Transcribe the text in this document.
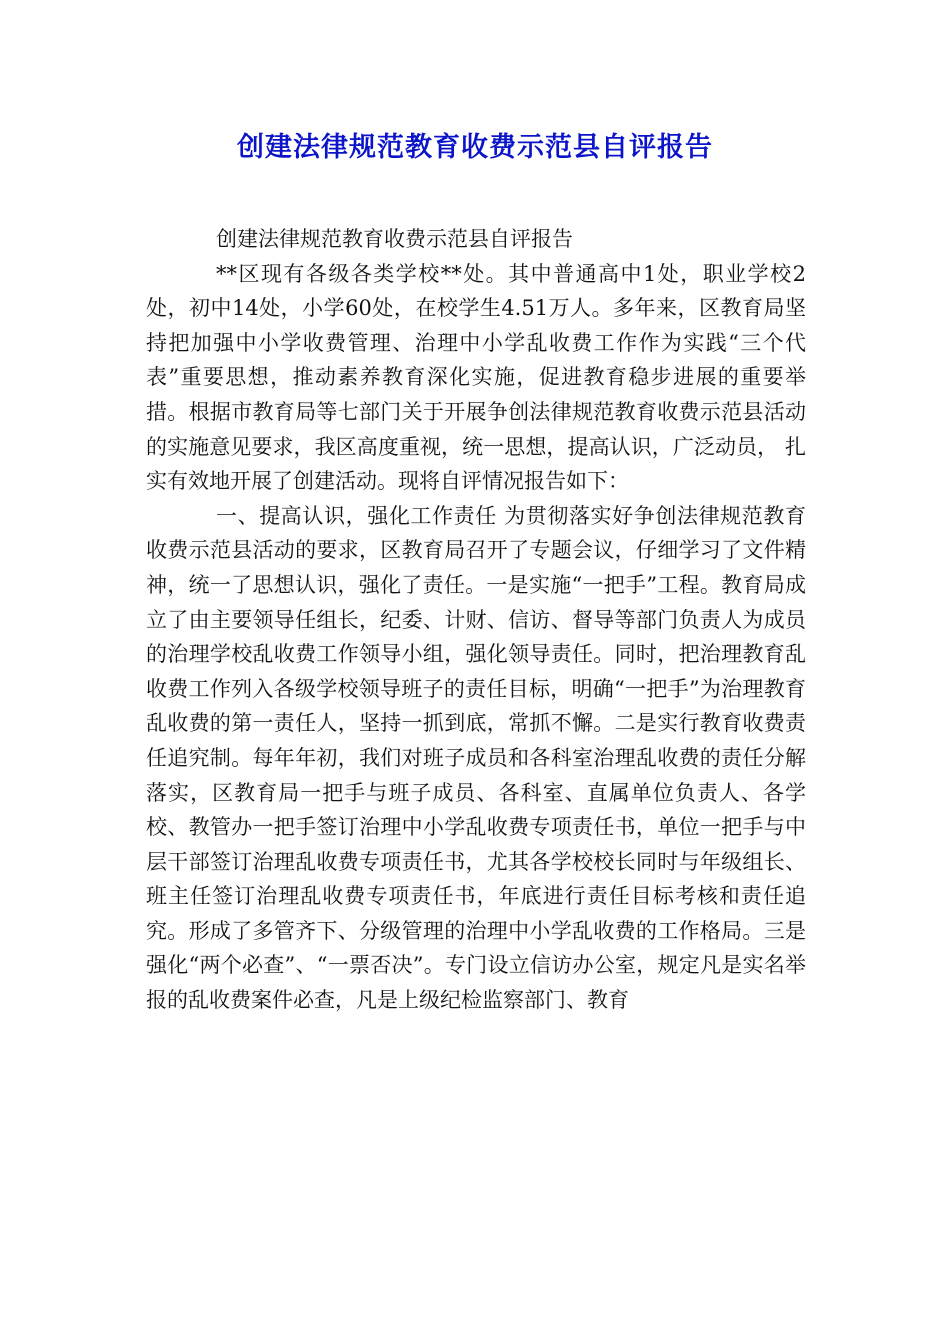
创建法律规范教育收费示范县自评报告

创建法律规范教育收费示范县自评报告

**区现有各级各类学校**处。其中普通高中1处，职业学校2处，初中14处，小学60处，在校学生4.51万人。多年来，区教育局坚持把加强中小学收费管理、治理中小学乱收费工作作为实践“三个代表”重要思想，推动素养教育深化实施，促进教育稳步进展的重要举措。根据市教育局等七部门关于开展争创法律规范教育收费示范县活动的实施意见要求，我区高度重视，统一思想，提高认识，广泛动员， 扎实有效地开展了创建活动。现将自评情况报告如下：

一、提高认识，强化工作责任 为贯彻落实好争创法律规范教育收费示范县活动的要求，区教育局召开了专题会议，仔细学习了文件精神，统一了思想认识，强化了责任。一是实施“一把手”工程。教育局成立了由主要领导任组长，纪委、计财、信访、督导等部门负责人为成员的治理学校乱收费工作领导小组，强化领导责任。同时，把治理教育乱收费工作列入各级学校领导班子的责任目标，明确“一把手”为治理教育乱收费的第一责任人，坚持一抓到底，常抓不懈。二是实行教育收费责任追究制。每年年初，我们对班子成员和各科室治理乱收费的责任分解落实，区教育局一把手与班子成员、各科室、直属单位负责人、各学校、教管办一把手签订治理中小学乱收费专项责任书，单位一把手与中层干部签订治理乱收费专项责任书，尤其各学校校长同时与年级组长、班主任签订治理乱收费专项责任书，年底进行责任目标考核和责任追究。形成了多管齐下、分级管理的治理中小学乱收费的工作格局。三是强化“两个必查”、“一票否决”。专门设立信访办公室，规定凡是实名举报的乱收费案件必查，凡是上级纪检监察部门、教育
